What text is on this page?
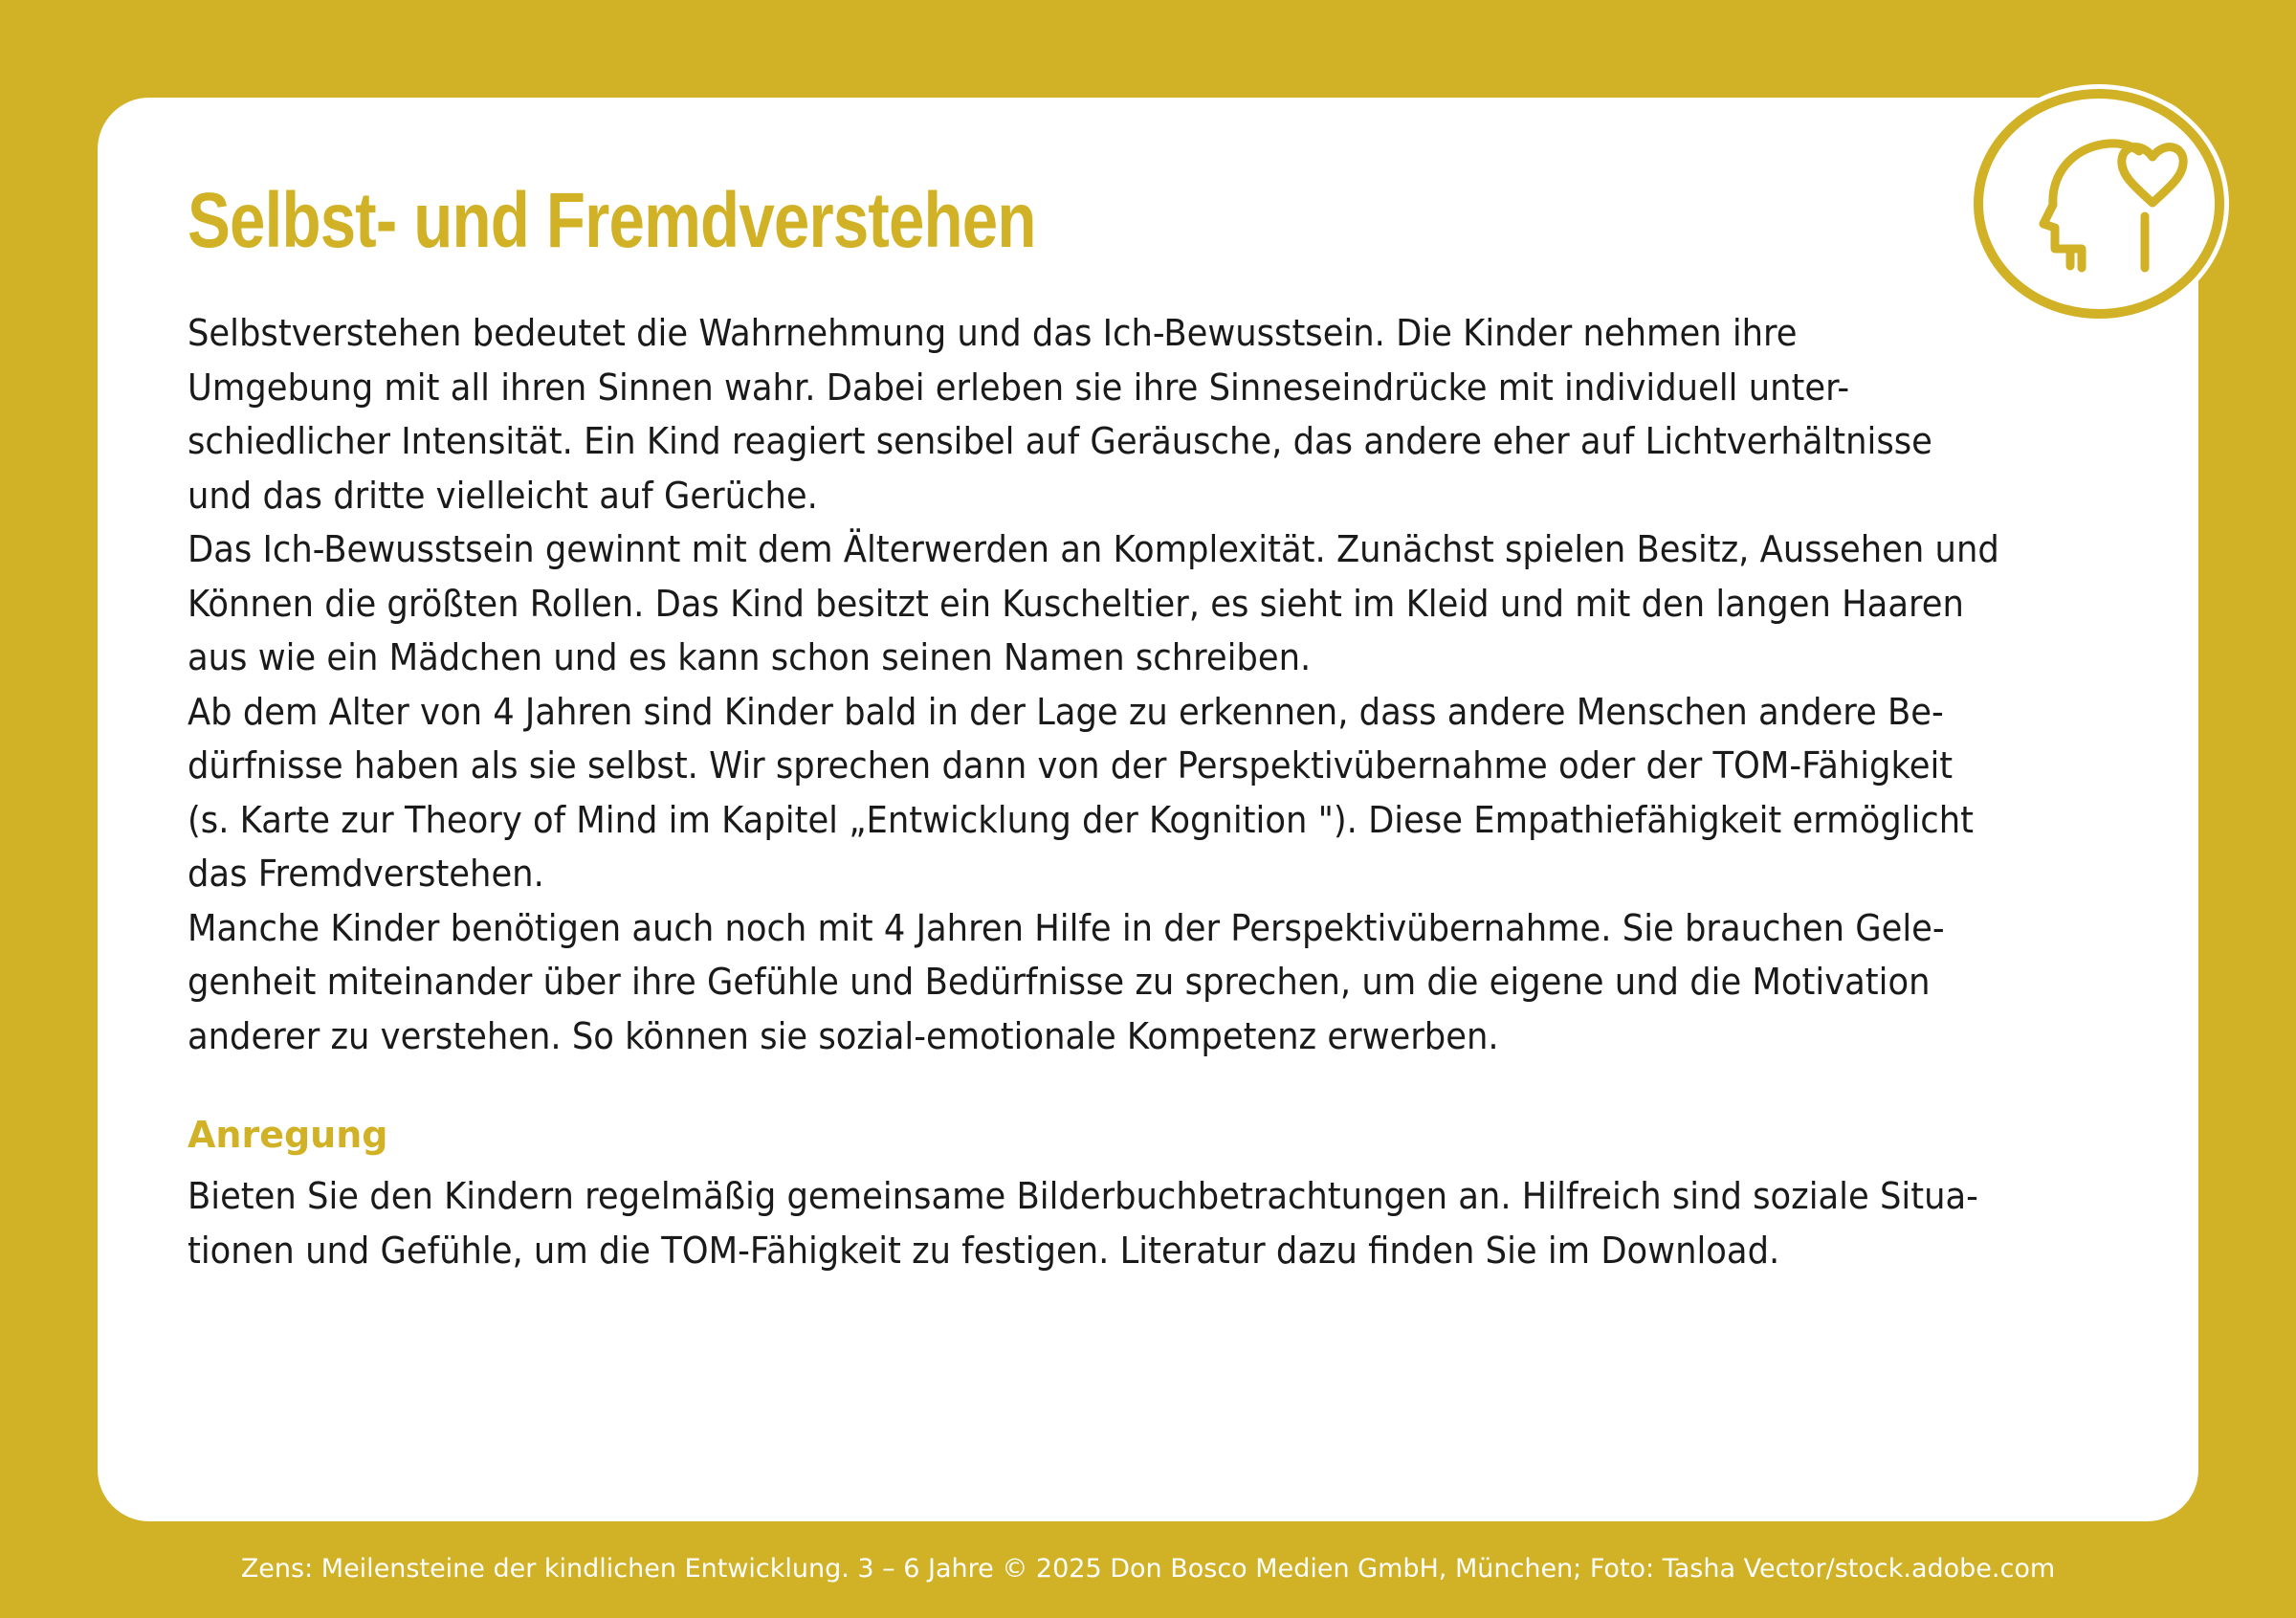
Selbst- und Fremdverstehen
Selbstverstehen bedeutet die Wahrnehmung und das Ich-Bewusstsein. Die Kinder nehmen ihre
Umgebung mit all ihren Sinnen wahr. Dabei erleben sie ihre Sinneseindrücke mit individuell unter-
schiedlicher Intensität. Ein Kind reagiert sensibel auf Geräusche, das andere eher auf Lichtverhältnisse
und das dritte vielleicht auf Gerüche.
Das Ich-Bewusstsein gewinnt mit dem Älterwerden an Komplexität. Zunächst spielen Besitz, Aussehen und
Können die größten Rollen. Das Kind besitzt ein Kuscheltier, es sieht im Kleid und mit den langen Haaren
aus wie ein Mädchen und es kann schon seinen Namen schreiben.
Ab dem Alter von 4 Jahren sind Kinder bald in der Lage zu erkennen, dass andere Menschen andere Be-
dürfnisse haben als sie selbst. Wir sprechen dann von der Perspektivübernahme oder der TOM-Fähigkeit
(s. Karte zur Theory of Mind im Kapitel „Entwicklung der Kognition "). Diese Empathiefähigkeit ermöglicht
das Fremdverstehen.
Manche Kinder benötigen auch noch mit 4 Jahren Hilfe in der Perspektivübernahme. Sie brauchen Gele-
genheit miteinander über ihre Gefühle und Bedürfnisse zu sprechen, um die eigene und die Motivation
anderer zu verstehen. So können sie sozial-emotionale Kompetenz erwerben.
Anregung
Bieten Sie den Kindern regelmäßig gemeinsame Bilderbuchbetrachtungen an. Hilfreich sind soziale Situa-
tionen und Gefühle, um die TOM-Fähigkeit zu festigen. Literatur dazu finden Sie im Download.
Zens: Meilensteine der kindlichen Entwicklung. 3 – 6 Jahre © 2025 Don Bosco Medien GmbH, München; Foto: Tasha Vector/stock.adobe.com
